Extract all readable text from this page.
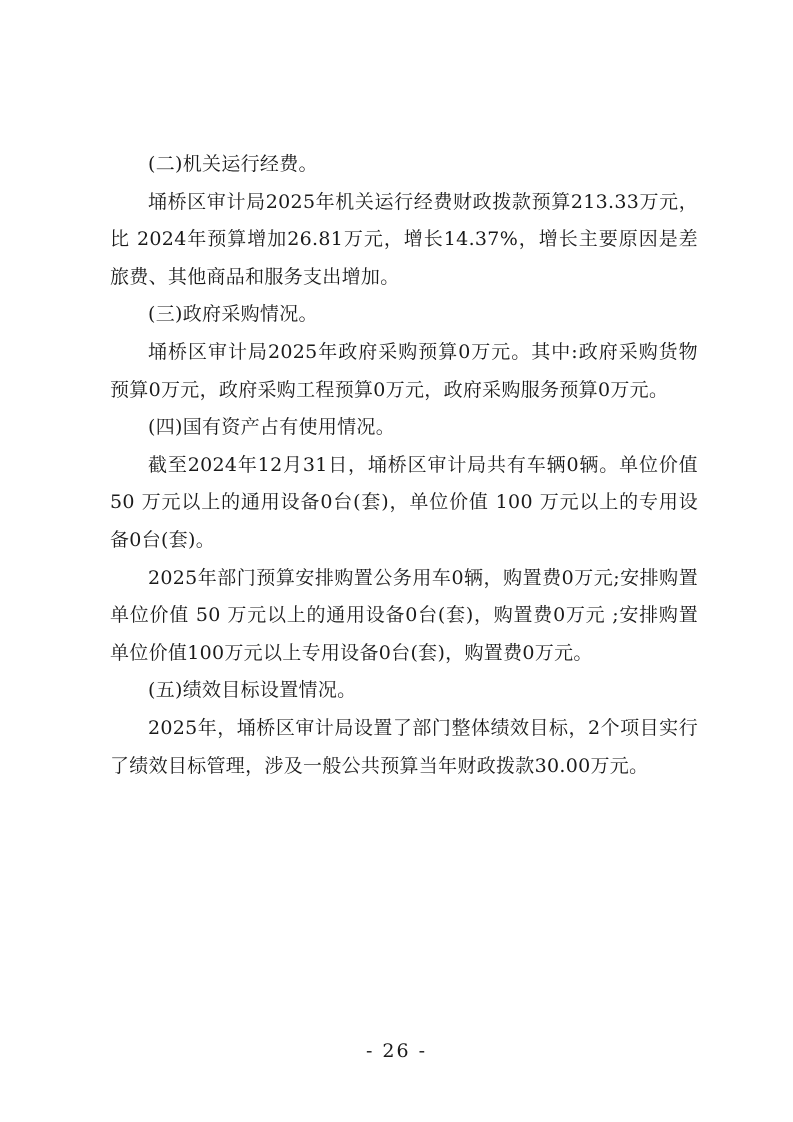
(二)机关运行经费。

埇桥区审计局2025年机关运行经费财政拨款预算213.33万元，比 2024年预算增加26.81万元，增长14.37%，增长主要原因是差旅费、其他商品和服务支出增加。

(三)政府采购情况。

埇桥区审计局2025年政府采购预算0万元。其中:政府采购货物预算0万元，政府采购工程预算0万元，政府采购服务预算0万元。

(四)国有资产占有使用情况。

截至2024年12月31日，埇桥区审计局共有车辆0辆。单位价值 50 万元以上的通用设备0台(套)，单位价值 100 万元以上的专用设备0台(套)。

2025年部门预算安排购置公务用车0辆，购置费0万元;安排购置单位价值 50 万元以上的通用设备0台(套)，购置费0万元 ;安排购置单位价值100万元以上专用设备0台(套)，购置费0万元。

(五)绩效目标设置情况。

2025年，埇桥区审计局设置了部门整体绩效目标，2个项目实行了绩效目标管理，涉及一般公共预算当年财政拨款30.00万元。

- 26 -
